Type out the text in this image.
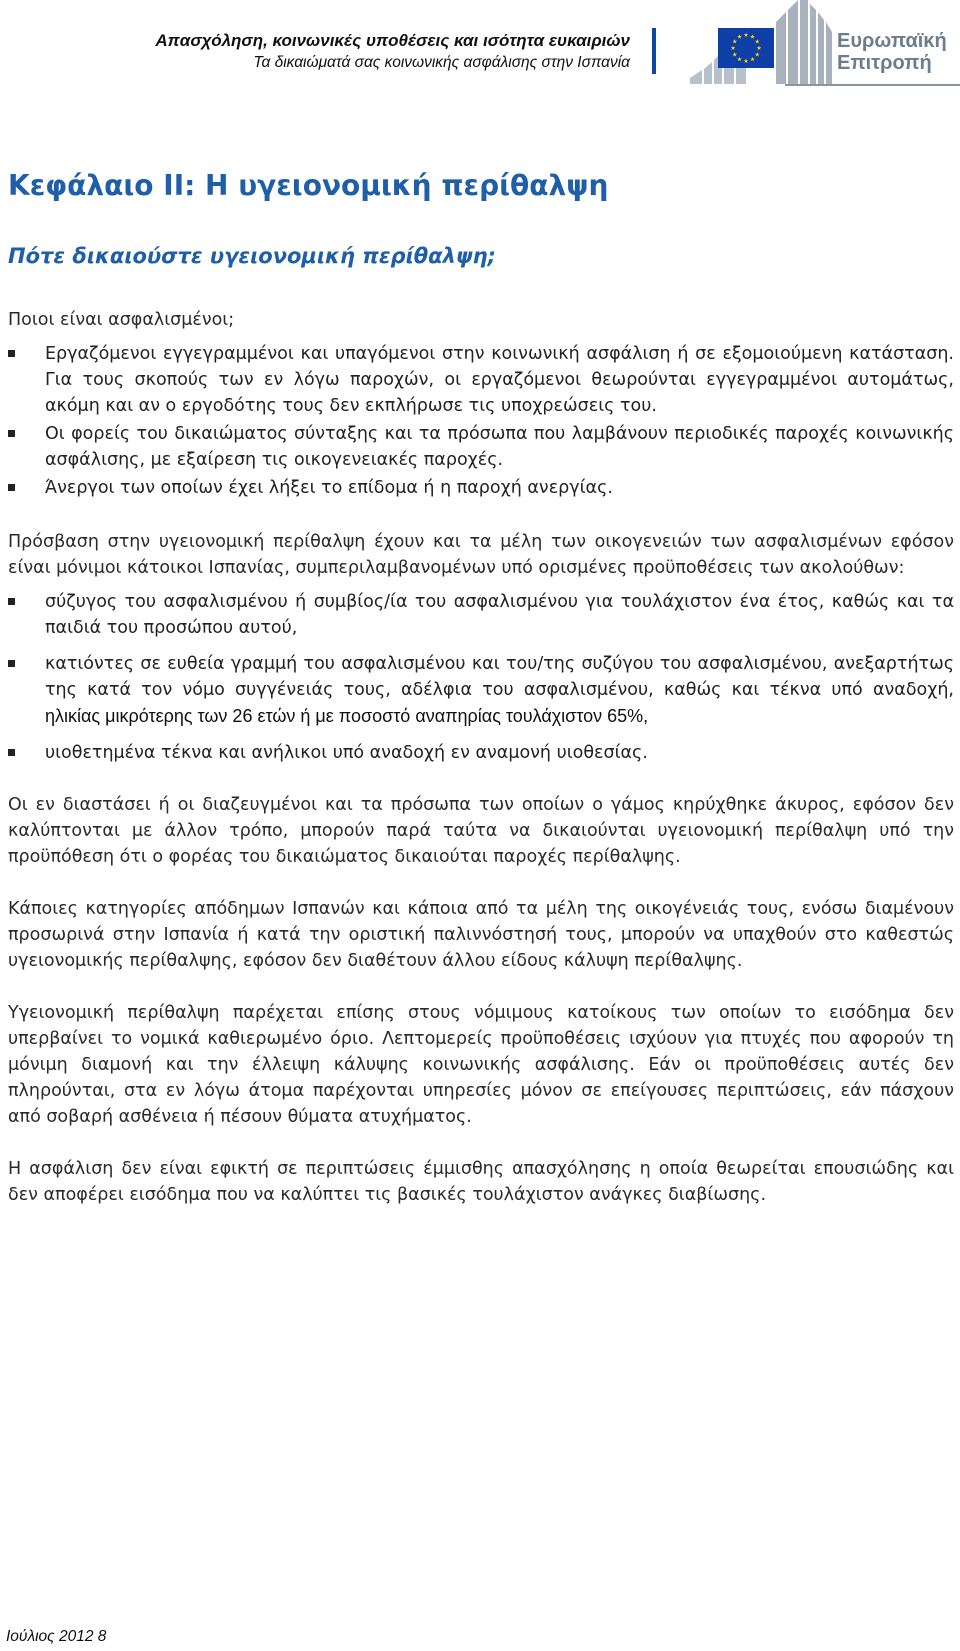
Απασχόληση, κοινωνικές υποθέσεις και ισότητα ευκαιριών
Τα δικαιώματά σας κοινωνικής ασφάλισης στην Ισπανία
Ευρωπαϊκή
Επιτροπή
Κεφάλαιο ΙΙ: Η υγειονομική περίθαλψη
Πότε δικαιούστε υγειονομική περίθαλψη;

Ποιοι είναι ασφαλισμένοι;

Εργαζόμενοι εγγεγραμμένοι και υπαγόμενοι στην κοινωνική ασφάλιση ή σε εξομοιούμενη κατάσταση. Για τους σκοπούς των εν λόγω παροχών, οι εργαζόμενοι θεωρούνται εγγεγραμμένοι αυτομάτως, ακόμη και αν ο εργοδότης τους δεν εκπλήρωσε τις υποχρεώσεις του.
Οι φορείς του δικαιώματος σύνταξης και τα πρόσωπα που λαμβάνουν περιοδικές παροχές κοινωνικής ασφάλισης, με εξαίρεση τις οικογενειακές παροχές.
Άνεργοι των οποίων έχει λήξει το επίδομα ή η παροχή ανεργίας.

Πρόσβαση στην υγειονομική περίθαλψη έχουν και τα μέλη των οικογενειών των ασφαλισμένων εφόσον είναι μόνιμοι κάτοικοι Ισπανίας, συμπεριλαμβανομένων υπό ορισμένες προϋποθέσεις των ακολούθων:

σύζυγος του ασφαλισμένου ή συμβίος/ία του ασφαλισμένου για τουλάχιστον ένα έτος, καθώς και τα παιδιά του προσώπου αυτού,
κατιόντες σε ευθεία γραμμή του ασφαλισμένου και του/της συζύγου του ασφαλισμένου, ανεξαρτήτως της κατά τον νόμο συγγένειάς τους, αδέλφια του ασφαλισμένου, καθώς και τέκνα υπό αναδοχή, ηλικίας μικρότερης των 26 ετών ή με ποσοστό αναπηρίας τουλάχιστον 65%,
υιοθετημένα τέκνα και ανήλικοι υπό αναδοχή εν αναμονή υιοθεσίας.

Οι εν διαστάσει ή οι διαζευγμένοι και τα πρόσωπα των οποίων ο γάμος κηρύχθηκε άκυρος, εφόσον δεν καλύπτονται με άλλον τρόπο, μπορούν παρά ταύτα να δικαιούνται υγειονομική περίθαλψη υπό την προϋπόθεση ότι ο φορέας του δικαιώματος δικαιούται παροχές περίθαλψης.

Κάποιες κατηγορίες απόδημων Ισπανών και κάποια από τα μέλη της οικογένειάς τους, ενόσω διαμένουν προσωρινά στην Ισπανία ή κατά την οριστική παλιννόστησή τους, μπορούν να υπαχθούν στο καθεστώς υγειονομικής περίθαλψης, εφόσον δεν διαθέτουν άλλου είδους κάλυψη περίθαλψης.

Υγειονομική περίθαλψη παρέχεται επίσης στους νόμιμους κατοίκους των οποίων το εισόδημα δεν υπερβαίνει το νομικά καθιερωμένο όριο. Λεπτομερείς προϋποθέσεις ισχύουν για πτυχές που αφορούν τη μόνιμη διαμονή και την έλλειψη κάλυψης κοινωνικής ασφάλισης. Εάν οι προϋποθέσεις αυτές δεν πληρούνται, στα εν λόγω άτομα παρέχονται υπηρεσίες μόνον σε επείγουσες περιπτώσεις, εάν πάσχουν από σοβαρή ασθένεια ή πέσουν θύματα ατυχήματος.

Η ασφάλιση δεν είναι εφικτή σε περιπτώσεις έμμισθης απασχόλησης η οποία θεωρείται επουσιώδης και δεν αποφέρει εισόδημα που να καλύπτει τις βασικές τουλάχιστον ανάγκες διαβίωσης.

Ιούλιος 2012 8
